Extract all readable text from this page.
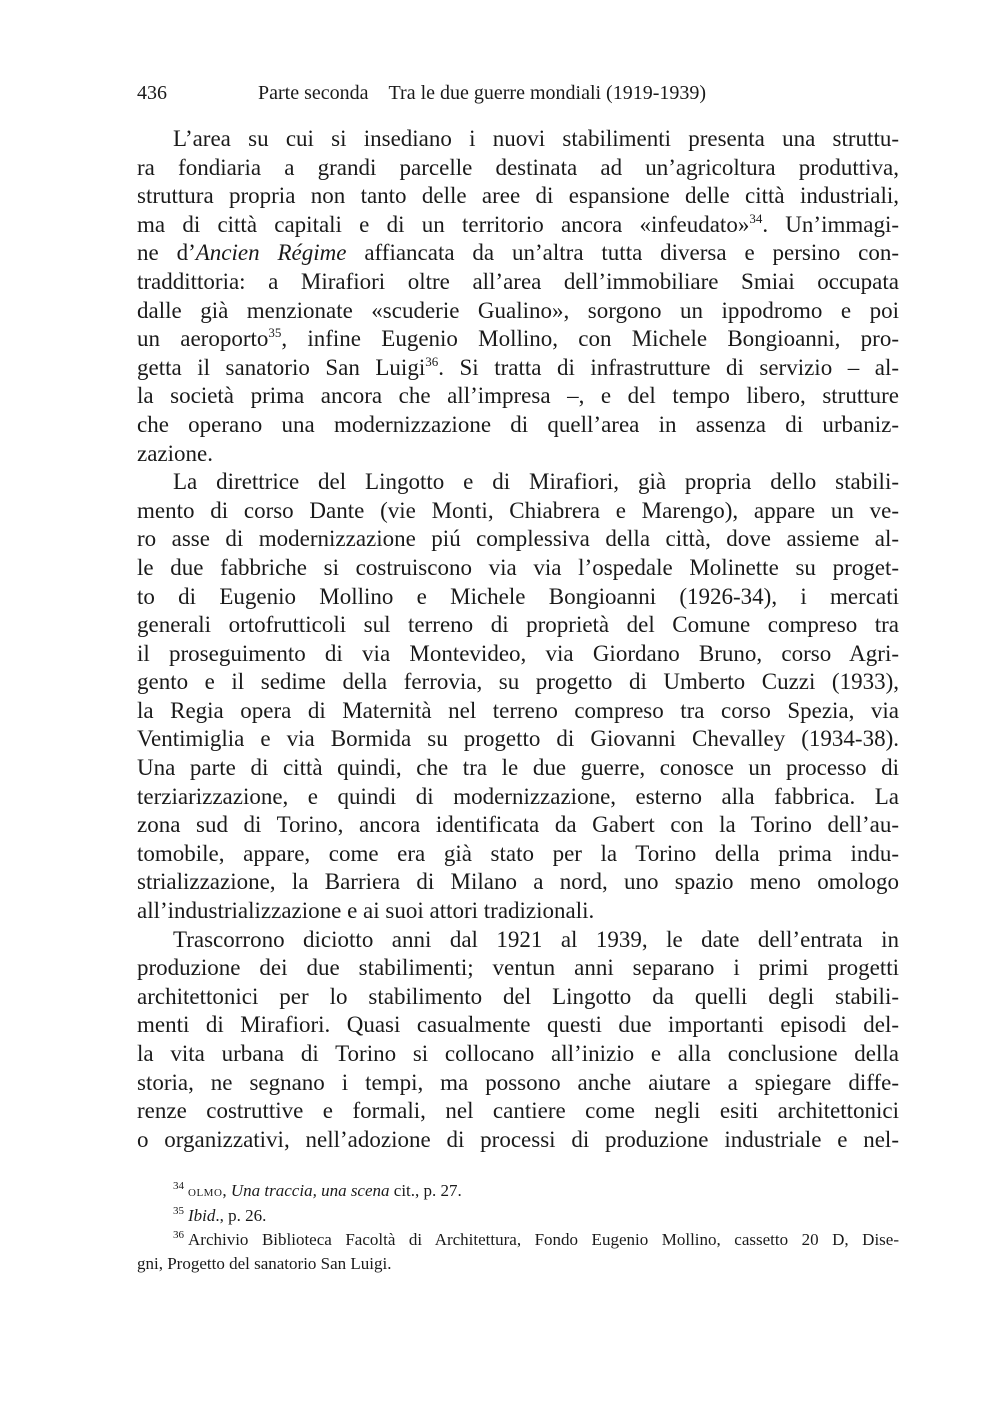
436	Parte seconda Tra le due guerre mondiali (1919-1939)
L’area su cui si insediano i nuovi stabilimenti presenta una struttu-
ra fondiaria a grandi parcelle destinata ad un’agricoltura produttiva,
struttura propria non tanto delle aree di espansione delle città industriali,
ma di città capitali e di un territorio ancora «infeudato»$^{34}$. Un’immagi-
ne d’Ancien Régime affiancata da un’altra tutta diversa e persino con-
traddittoria: a Mirafiori oltre all’area dell’immobiliare Smiai occupata
dalle già menzionate «scuderie Gualino», sorgono un ippodromo e poi
un aeroporto$^{35}$, infine Eugenio Mollino, con Michele Bongioanni, pro-
getta il sanatorio San Luigi$^{36}$. Si tratta di infrastrutture di servizio – al-
la società prima ancora che all’impresa –, e del tempo libero, strutture
che operano una modernizzazione di quell’area in assenza di urbaniz-
zazione.
La direttrice del Lingotto e di Mirafiori, già propria dello stabili-
mento di corso Dante (vie Monti, Chiabrera e Marengo), appare un ve-
ro asse di modernizzazione piú complessiva della città, dove assieme al-
le due fabbriche si costruiscono via via l’ospedale Molinette su proget-
to di Eugenio Mollino e Michele Bongioanni (1926-34), i mercati
generali ortofrutticoli sul terreno di proprietà del Comune compreso tra
il proseguimento di via Montevideo, via Giordano Bruno, corso Agri-
gento e il sedime della ferrovia, su progetto di Umberto Cuzzi (1933),
la Regia opera di Maternità nel terreno compreso tra corso Spezia, via
Ventimiglia e via Bormida su progetto di Giovanni Chevalley (1934-38).
Una parte di città quindi, che tra le due guerre, conosce un processo di
terziarizzazione, e quindi di modernizzazione, esterno alla fabbrica. La
zona sud di Torino, ancora identificata da Gabert con la Torino dell’au-
tomobile, appare, come era già stato per la Torino della prima indu-
strializzazione, la Barriera di Milano a nord, uno spazio meno omologo
all’industrializzazione e ai suoi attori tradizionali.
Trascorrono diciotto anni dal 1921 al 1939, le date dell’entrata in
produzione dei due stabilimenti; ventun anni separano i primi progetti
architettonici per lo stabilimento del Lingotto da quelli degli stabili-
menti di Mirafiori. Quasi casualmente questi due importanti episodi del-
la vita urbana di Torino si collocano all’inizio e alla conclusione della
storia, ne segnano i tempi, ma possono anche aiutare a spiegare diffe-
renze costruttive e formali, nel cantiere come negli esiti architettonici
o organizzativi, nell’adozione di processi di produzione industriale e nel-
$^{34}$ olmo, Una traccia, una scena cit., p. 27.
$^{35}$ Ibid., p. 26.
$^{36}$ Archivio Biblioteca Facoltà di Architettura, Fondo Eugenio Mollino, cassetto 20 D, Dise-
gni, Progetto del sanatorio San Luigi.
